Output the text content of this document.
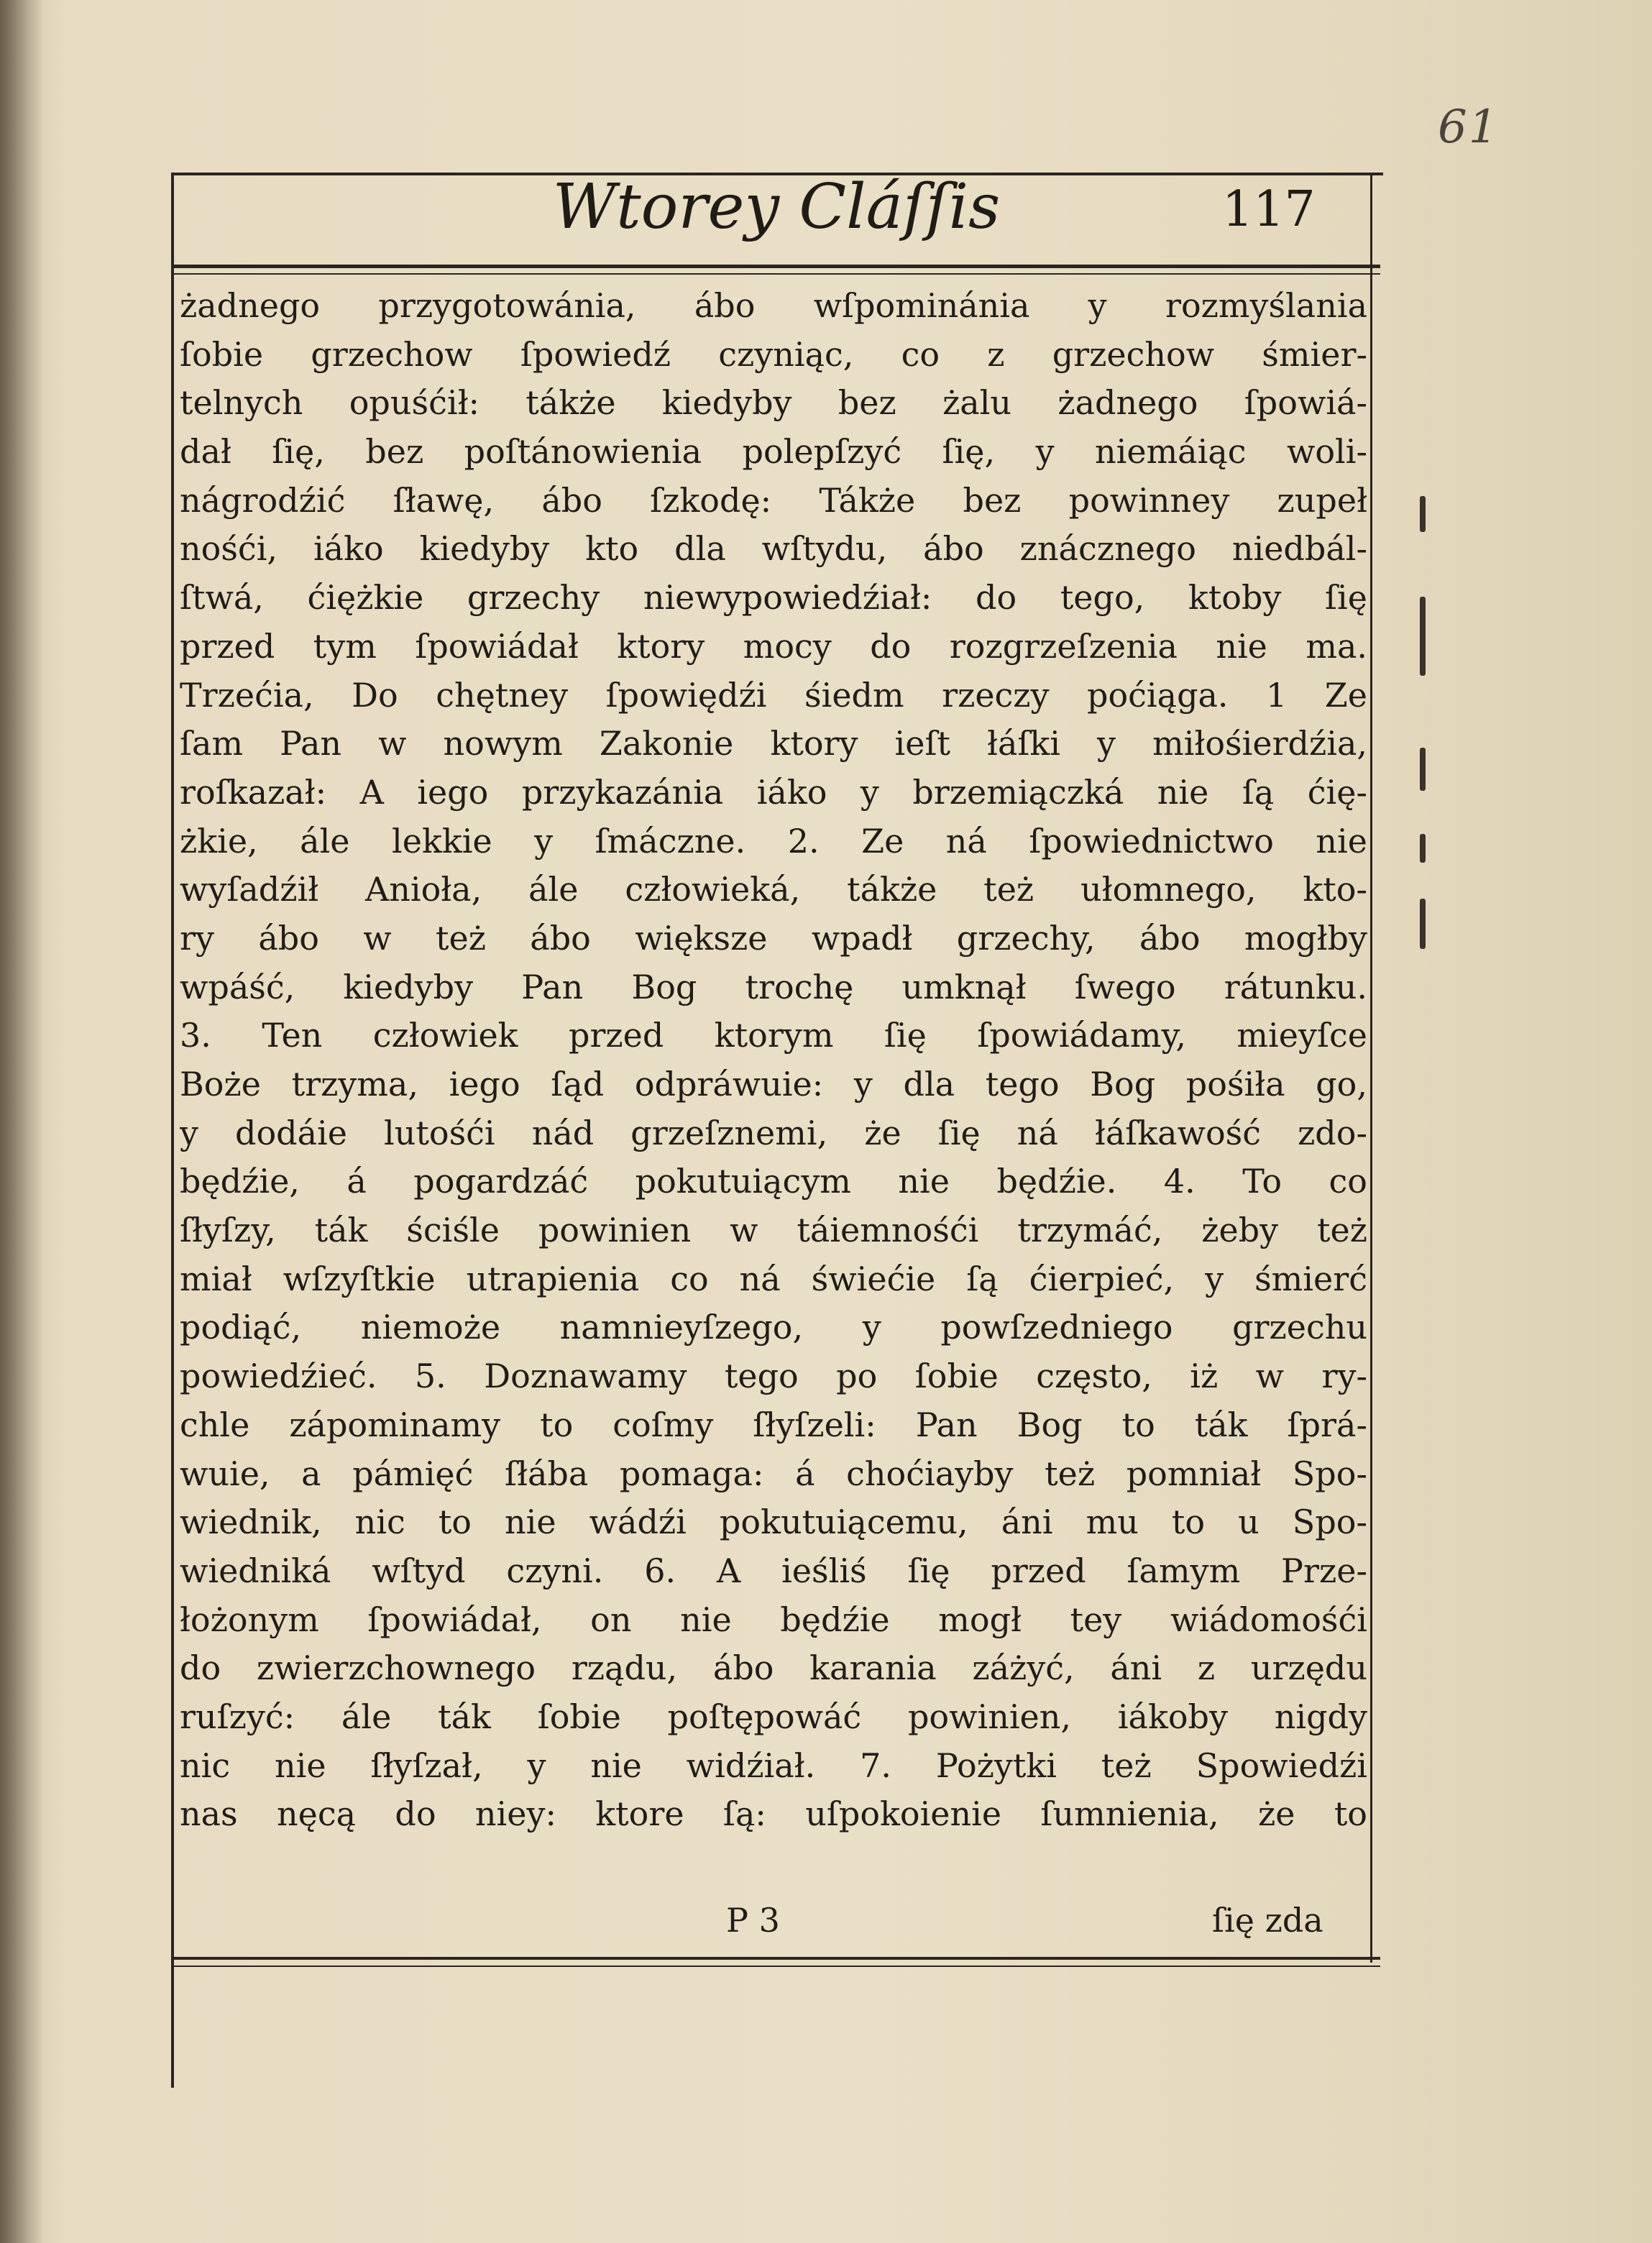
61
Wtorey Cláſſis	117
żadnego przygotowánia, ábo wſpominánia y rozmyślania
ſobie grzechow ſpowiedź czyniąc, co z grzechow śmier-
telnych opuśćił: tákże kiedyby bez żalu żadnego ſpowiá-
dał ſię, bez poſtánowienia polepſzyć ſię, y niemáiąc woli-
nágrodźić ſławę, ábo ſzkodę: Tákże bez powinney zupeł
nośći, iáko kiedyby kto dla wſtydu, ábo znácznego niedbál-
ſtwá, ćiężkie grzechy niewypowiedźiał: do tego, ktoby ſię
przed tym ſpowiádał ktory mocy do rozgrzeſzenia nie ma.
Trzećia, Do chętney ſpowiędźi śiedm rzeczy poćiąga. 1 Ze
ſam Pan w nowym Zakonie ktory ieſt łáſki y miłośierdźia,
roſkazał: A iego przykazánia iáko y brzemiączká nie ſą ćię-
żkie, ále lekkie y ſmáczne. 2. Ze ná ſpowiednictwo nie
wyſadźił Anioła, ále człowieká, tákże też ułomnego, kto-
ry ábo w też ábo większe wpadł grzechy, ábo mogłby
wpáść, kiedyby Pan Bog trochę umknął ſwego rátunku.
3. Ten człowiek przed ktorym ſię ſpowiádamy, mieyſce
Boże trzyma, iego ſąd odpráwuie: y dla tego Bog pośiła go,
y dodáie lutośći nád grzeſznemi, że ſię ná łáſkawość zdo-
będźie, á pogardzáć pokutuiącym nie będźie. 4. To co
ſłyſzy, ták ściśle powinien w táiemnośći trzymáć, żeby też
miał wſzyſtkie utrapienia co ná świećie ſą ćierpieć, y śmierć
podiąć, niemoże namnieyſzego, y powſzedniego grzechu
powiedźieć. 5. Doznawamy tego po ſobie często, iż w ry-
chle zápominamy to coſmy ſłyſzeli: Pan Bog to ták ſprá-
wuie, a pámięć ſłába pomaga: á choćiayby też pomniał Spo-
wiednik, nic to nie wádźi pokutuiącemu, áni mu to u Spo-
wiedniká wſtyd czyni. 6. A ieśliś ſię przed ſamym Prze-
łożonym ſpowiádał, on nie będźie mogł tey wiádomośći
do zwierzchownego rządu, ábo karania záżyć, áni z urzędu
ruſzyć: ále ták ſobie poſtępowáć powinien, iákoby nigdy
nic nie ſłyſzał, y nie widźiał. 7. Pożytki też Spowiedźi
nas nęcą do niey: ktore ſą: uſpokoienie ſumnienia, że to
P 3	ſię zda
